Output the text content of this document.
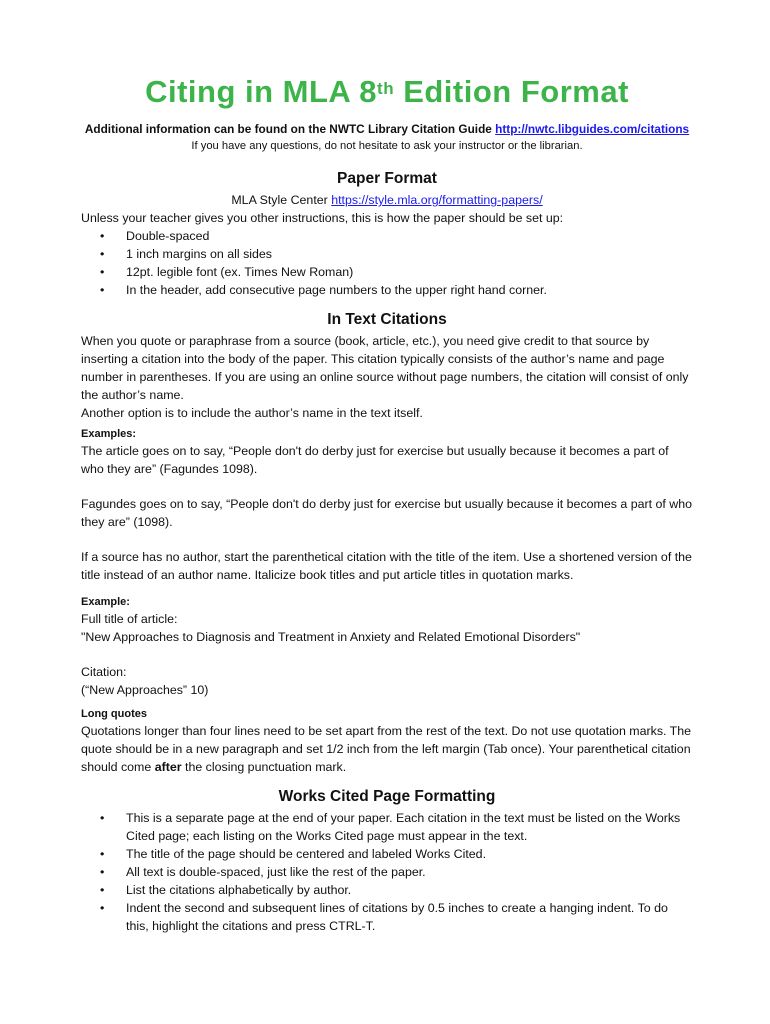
Citing in MLA 8th Edition Format
Additional information can be found on the NWTC Library Citation Guide http://nwtc.libguides.com/citations
If you have any questions, do not hesitate to ask your instructor or the librarian.
Paper Format
MLA Style Center https://style.mla.org/formatting-papers/

Unless your teacher gives you other instructions, this is how the paper should be set up:

• Double-spaced
• 1 inch margins on all sides
• 12pt. legible font (ex. Times New Roman)
• In the header, add consecutive page numbers to the upper right hand corner.
In Text Citations

When you quote or paraphrase from a source (book, article, etc.), you need give credit to that source by inserting a citation into the body of the paper. This citation typically consists of the author’s name and page number in parentheses. If you are using an online source without page numbers, the citation will consist of only the author’s name.

Another option is to include the author’s name in the text itself.

Examples:

The article goes on to say, “People don't do derby just for exercise but usually because it becomes a part of who they are” (Fagundes 1098).

Fagundes goes on to say, “People don't do derby just for exercise but usually because it becomes a part of who they are” (1098).

If a source has no author, start the parenthetical citation with the title of the item. Use a shortened version of the title instead of an author name. Italicize book titles and put article titles in quotation marks.

Example:

Full title of article:

"New Approaches to Diagnosis and Treatment in Anxiety and Related Emotional Disorders"

Citation:

(“New Approaches” 10)

Long quotes

Quotations longer than four lines need to be set apart from the rest of the text. Do not use quotation marks. The quote should be in a new paragraph and set 1/2 inch from the left margin (Tab once). Your parenthetical citation should come after the closing punctuation mark.

Works Cited Page Formatting
• This is a separate page at the end of your paper. Each citation in the text must be listed on the Works Cited page; each listing on the Works Cited page must appear in the text.
• The title of the page should be centered and labeled Works Cited.
• All text is double-spaced, just like the rest of the paper.
• List the citations alphabetically by author.
• Indent the second and subsequent lines of citations by 0.5 inches to create a hanging indent. To do this, highlight the citations and press CTRL-T.
